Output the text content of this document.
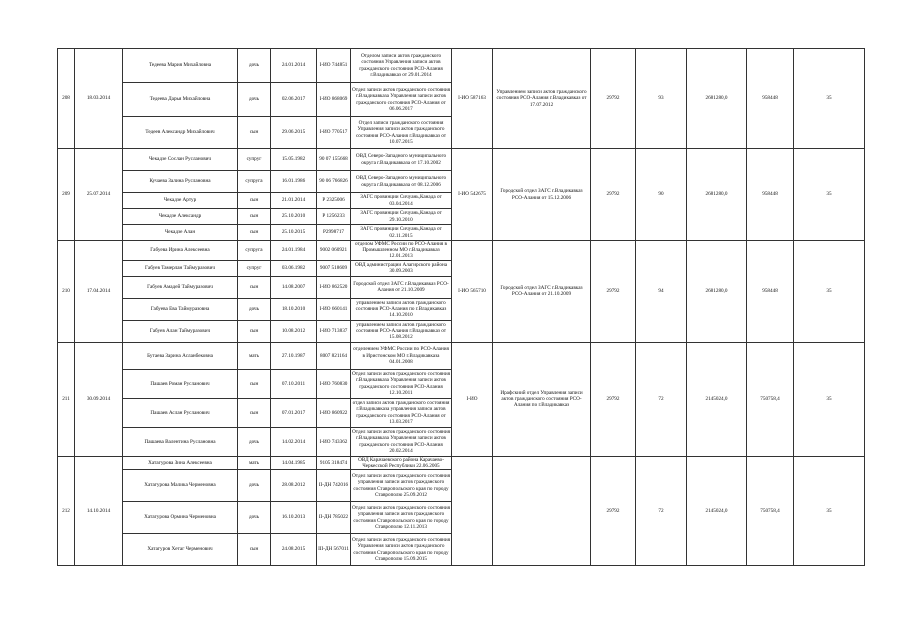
208	18.03.2014	Тедеева Мария Михайловна	дочь	24.01.2014	I-ИО 744851	Отделом записи актов гражданского состояния Управления записи актов гражданского состояния РСО-Алания г.Владикавказ от 29.01.2014	I-ИО 587163	Управлением записи актов гражданского состояния РСО-Алания г.Владикавказ от 17.07.2012	29792	93	2681280,0	958448	35
		Тедеева Дарья Михайловна	дочь	02.06.2017	I-ИО 868069	Отдел записи актов гражданского состояния г.Владикавказа Управления записи актов гражданского состояния РСО-Алания от 06.06.2017							
		Тедеев Александр Михайлович	сын	29.06.2015	I-ИО 770517	Отдел записи гражданского состояния Управления записи актов гражданского состояния РСО-Алания г.Владикавказ от 10.07.2015							
209	25.07.2014	Чекадзе Сослан Русланович	супруг	15.05.1982	90 07 155668	ОВД Северо-Западного муниципального округа г.Владикавказа от 17.10.2002	I-ИО 542675	Городской отдел ЗАГС г.Владикавказ РСО-Алания от 15.12.2006	29792	90	2681280,0	958448	35
		Кучаева Залина Руслановна	супруга	16.01.1986	90 06 766826	ОВД Северо-Западного муниципального округа г.Владикавказа от 08.12.2006							
		Чекадзе Артур	сын	21.01.2014	Р 2325006	ЗАГС провинции Сичуань,Канада от 03.04.2014							
		Чекадзе Александр	сын	25.10.2010	Р 1256233	ЗАГС провинции Сичуань,Канада от 29.10.2010							
		Чекадзе Алан	сын	25.10.2015	Р2998717	ЗАГС провинции Сичуань,Канада от 02.11.2015							
210	17.04.2014	Габуева Ирина Алексеевна	супруга	24.01.1984	9002 060921	отделом УФМС России по РСО-Алания в Промышленном МО г.Владикавказ 12.01.2013	I-ИО 565710	Городской отдел ЗАГС г.Владикавказ РСО-Алания от 21.10.2009	29792	94	2681280,0	958448	35
		Габуев Тамерлан Таймуразович	супруг	03.06.1982	9007 518609	ОВД администрации Алагирского района 30.09.2003							
		Габуев Амадей Таймуразович	сын	14.08.2007	I-ИО 862520	Городской отдел ЗАГС г.Владикавказ РСО-Алания от 21.10.2009							
		Габуева Ева Таймуразовна	дочь	18.10.2010	I-ИО 660141	управлением записи актов гражданского состояния РСО-Алания по г.Владикавказ 14.10.2010							
		Габуев Алан Таймуразович	сын	10.08.2012	I-ИО 713837	управлением записи актов гражданского состояния РСО-Алания г.Владикавказ от 15.08.2012							
211	30.09.2014	Бутаева Зарина Асланбековна	мать	27.10.1987	8007 821164	отделением УФМС России по РСО-Алания в Иристонском МО г.Владикавказа 04.01.2008	I-ИО	Ирафскиий отдел Управления записи актов гражданского состояния РСО-Алания по г.Владикавказ	29792	72	2145024,0	750758,4	35
		Пашаев Роман Русланович	сын	07.10.2011	I-ИО 760830	Отдел записи актов гражданского состояния г.Владикавказа Управления записи актов гражданского состояния РСО-Алания 12.10.2011							
		Пашаев Аслан Русланович	сын	07.01.2017	I-ИО 860922	отдел записи актов гражданского состояния г.Владикавказа управления записи актов гражданского состояния РСО-Алания от 13.03.2017							
		Пашаева Валентина Руслановна	дочь	14.02.2014	I-ИО 743362	Отдел записи актов гражданского состояния г.Владикавказа Управления записи актов гражданского состояния РСО-Алания 20.02.2014							
212	14.10.2014	Хатагурова Зина Алексеевна	мать	14.04.1985	9105 318474	ОВД Карачаевского района Карачаево-Черкесской Республики 22.06.2005			29792	72	2145024,0	750758,4	35
		Хатагурова Малика Черменовна	дочь	28.08.2012	II-ДН 742016	Отдел записи актов гражданского состояния управления записи актов гражданского состояния Ставропольского края по городу Ставрополю 25.09.2012							
		Хатагурова Ормина Черменовна	дочь	16.10.2013	II-ДН 785022	Отдел записи актов гражданского состояния управления записи актов гражданского состояния Ставропольского края по городу Ставрополю 12.11.2013							
		Хатагуров Хетаг Черменович	сын	24.08.2015	III-ДН 567011	Отдел записи актов гражданского состояния Управления записи актов гражданского состояния Ставропольского края по городу Ставрополю 15.09.2015							
